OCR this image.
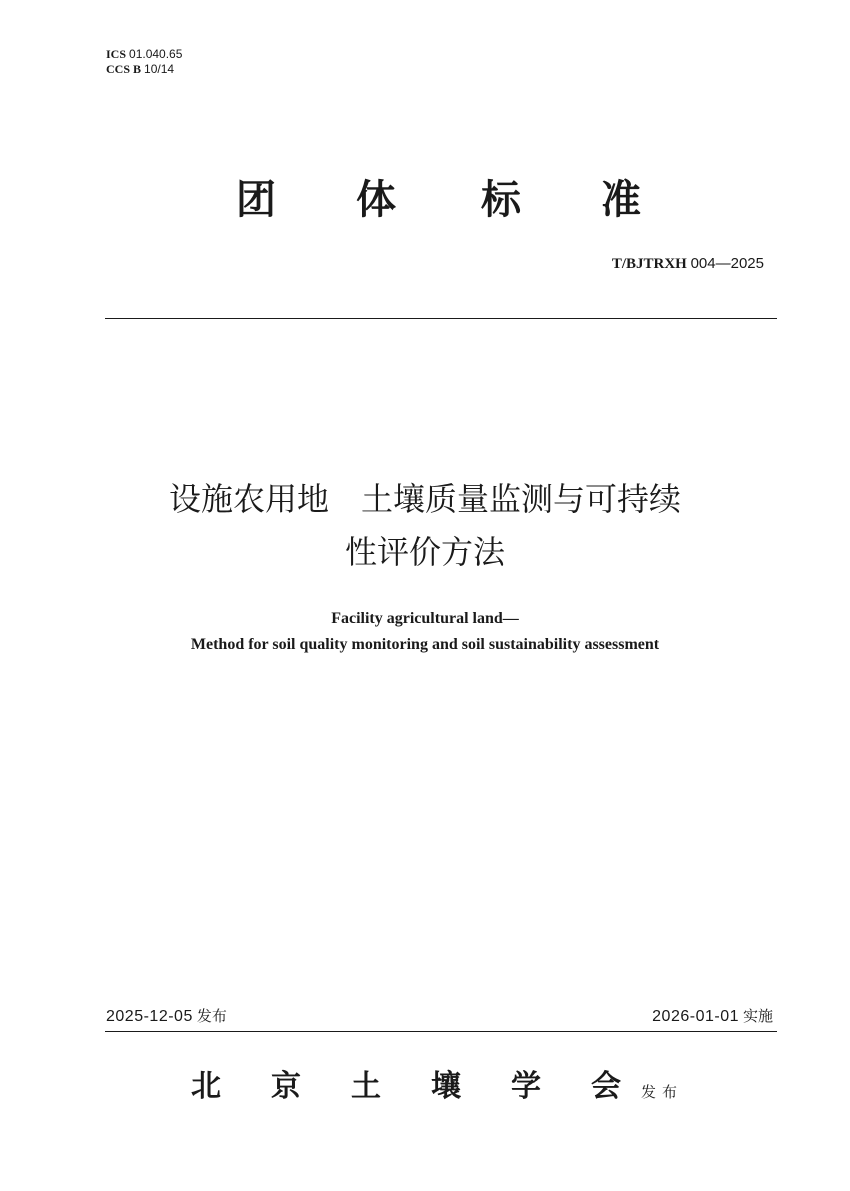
ICS 01.040.65
CCS B 10/14
团 体 标 准
T/BJTRXH 004—2025
设施农用地　土壤质量监测与可持续
性评价方法
Facility agricultural land—
Method for soil quality monitoring and soil sustainability assessment
2025-12-05 发布	2026-01-01 实施
北 京 土 壤 学 会 发布
